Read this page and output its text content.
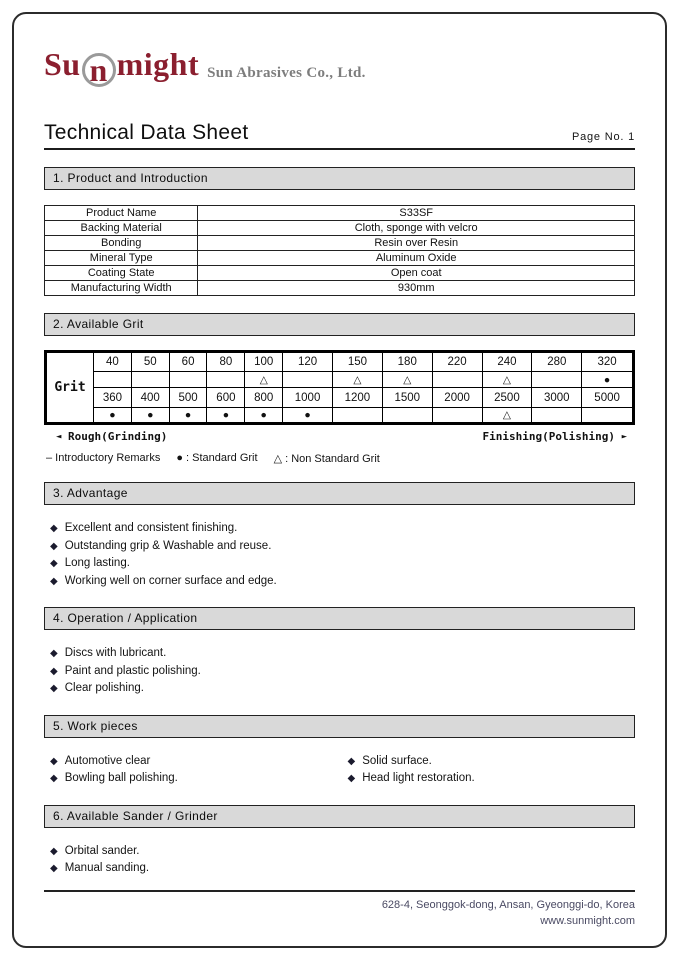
Su n might Sun Abrasives Co., Ltd.
Technical Data Sheet	Page No. 1
1. Product and Introduction
Product Name	S33SF
Backing Material	Cloth, sponge with velcro
Bonding	Resin over Resin
Mineral Type	Aluminum Oxide
Coating State	Open coat
Manufacturing Width	930mm
2. Available Grit
Grit	40	50	60	80	100	120	150	180	220	240	280	320
					△		△	△		△		●
	360	400	500	600	800	1000	1200	1500	2000	2500	3000	5000
	●	●	●	●	●	●				△		
◄ Rough(Grinding)	Finishing(Polishing) ►
– Introductory Remarks ● : Standard Grit △ : Non Standard Grit
3. Advantage
◆ Excellent and consistent finishing.
◆ Outstanding grip & Washable and reuse.
◆ Long lasting.
◆ Working well on corner surface and edge.
4. Operation / Application
◆ Discs with lubricant.
◆ Paint and plastic polishing.
◆ Clear polishing.
5. Work pieces
◆ Automotive clear
◆ Bowling ball polishing.
◆ Solid surface.
◆ Head light restoration.
6. Available Sander / Grinder
◆ Orbital sander.
◆ Manual sanding.
628-4, Seonggok-dong, Ansan, Gyeonggi-do, Korea
www.sunmight.com
